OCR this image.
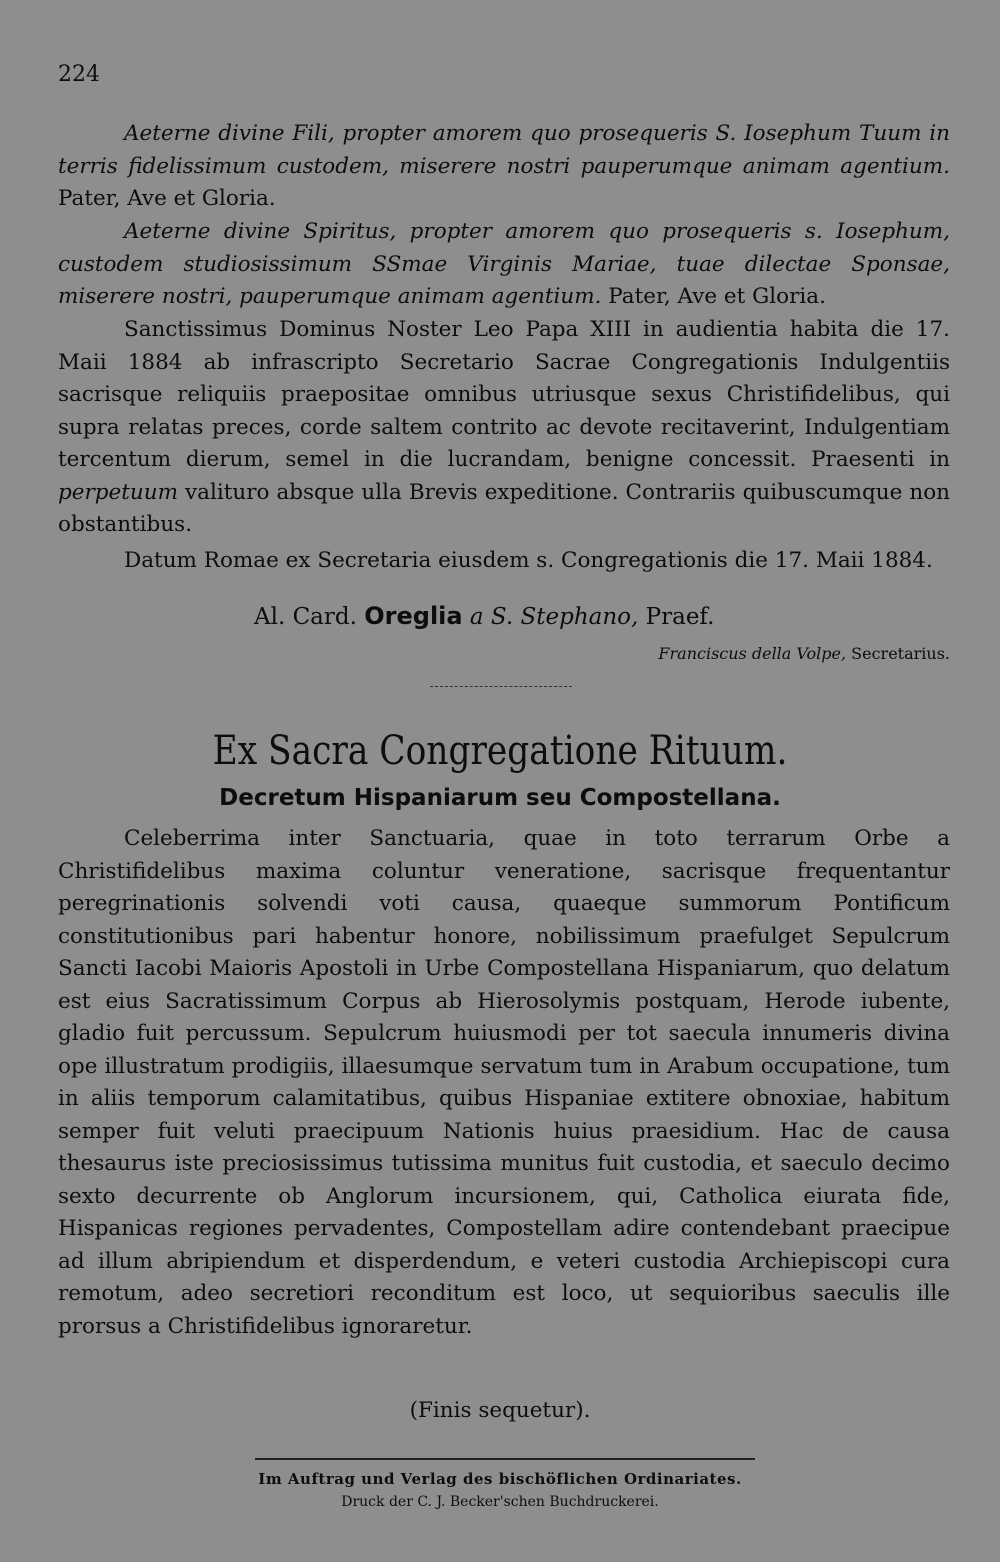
224
Aeterne divine Fili, propter amorem quo prosequeris S. Iosephum Tuum in terris fidelissimum custodem, miserere nostri pauperumque animam agentium. Pater, Ave et Gloria.
Aeterne divine Spiritus, propter amorem quo prosequeris s. Iosephum, custodem studiosissimum SSmae Virginis Mariae, tuae dilectae Sponsae, miserere nostri, pauperumque animam agentium. Pater, Ave et Gloria.
Sanctissimus Dominus Noster Leo Papa XIII in audientia habita die 17. Maii 1884 ab infrascripto Secretario Sacrae Congregationis Indulgentiis sacrisque reliquiis praepositae omnibus utriusque sexus Christifidelibus, qui supra relatas preces, corde saltem contrito ac devote recitaverint, Indulgentiam tercentum dierum, semel in die lucrandam, benigne concessit. Praesenti in perpetuum valituro absque ulla Brevis expeditione. Contrariis quibuscumque non obstantibus.
Datum Romae ex Secretaria eiusdem s. Congregationis die 17. Maii 1884.
Al. Card. Oreglia a S. Stephano, Praef.
Franciscus della Volpe, Secretarius.
Ex Sacra Congregatione Rituum.
Decretum Hispaniarum seu Compostellana.
Celeberrima inter Sanctuaria, quae in toto terrarum Orbe a Christifidelibus maxima coluntur veneratione, sacrisque frequentantur peregrinationis solvendi voti causa, quaeque summorum Pontificum constitutionibus pari habentur honore, nobilissimum praefulget Sepulcrum Sancti Iacobi Maioris Apostoli in Urbe Compostellana Hispaniarum, quo delatum est eius Sacratissimum Corpus ab Hierosolymis postquam, Herode iubente, gladio fuit percussum. Sepulcrum huiusmodi per tot saecula innumeris divina ope illustratum prodigiis, illaesumque servatum tum in Arabum occupatione, tum in aliis temporum calamitatibus, quibus Hispaniae extitere obnoxiae, habitum semper fuit veluti praecipuum Nationis huius praesidium. Hac de causa thesaurus iste preciosissimus tutissima munitus fuit custodia, et saeculo decimo sexto decurrente ob Anglorum incursionem, qui, Catholica eiurata fide, Hispanicas regiones pervadentes, Compostellam adire contendebant praecipue ad illum abripiendum et disperdendum, e veteri custodia Archiepiscopi cura remotum, adeo secretiori reconditum est loco, ut sequioribus saeculis ille prorsus a Christifidelibus ignoraretur.
(Finis sequetur).
Im Auftrag und Verlag des bischöflichen Ordinariates.
Druck der C. J. Becker'schen Buchdruckerei.
